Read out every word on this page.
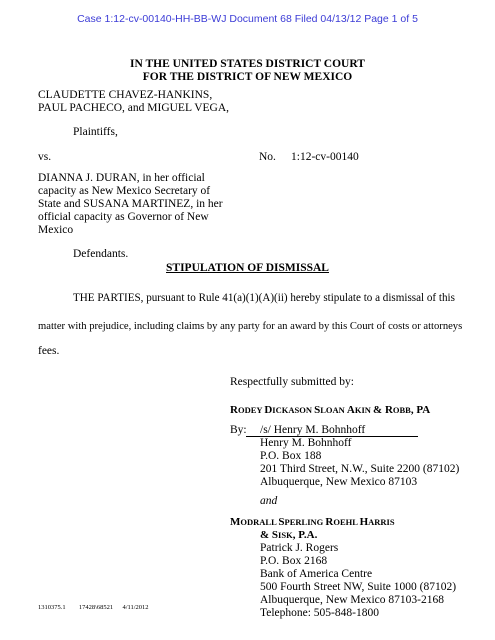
Case 1:12-cv-00140-HH-BB-WJ Document 68 Filed 04/13/12 Page 1 of 5
IN THE UNITED STATES DISTRICT COURT
FOR THE DISTRICT OF NEW MEXICO
CLAUDETTE CHAVEZ-HANKINS,
PAUL PACHECO, and MIGUEL VEGA,
Plaintiffs,
vs.	No. 1:12-cv-00140
DIANNA J. DURAN, in her official
capacity as New Mexico Secretary of
State and SUSANA MARTINEZ, in her
official capacity as Governor of New
Mexico
Defendants.
STIPULATION OF DISMISSAL
THE PARTIES, pursuant to Rule 41(a)(1)(A)(ii) hereby stipulate to a dismissal of this
matter with prejudice, including claims by any party for an award by this Court of costs or attorneys
fees.
Respectfully submitted by:
RODEY DICKASON SLOAN AKIN & ROBB, PA
By:	/s/ Henry M. Bohnhoff
Henry M. Bohnhoff
P.O. Box 188
201 Third Street, N.W., Suite 2200 (87102)
Albuquerque, New Mexico 87103
and
MODRALL SPERLING ROEHL HARRIS
& SISK, P.A.
Patrick J. Rogers
P.O. Box 2168
Bank of America Centre
500 Fourth Street NW, Suite 1000 (87102)
Albuquerque, New Mexico 87103-2168
Telephone: 505-848-1800
1310375.1 17428\68521 4/11/2012
